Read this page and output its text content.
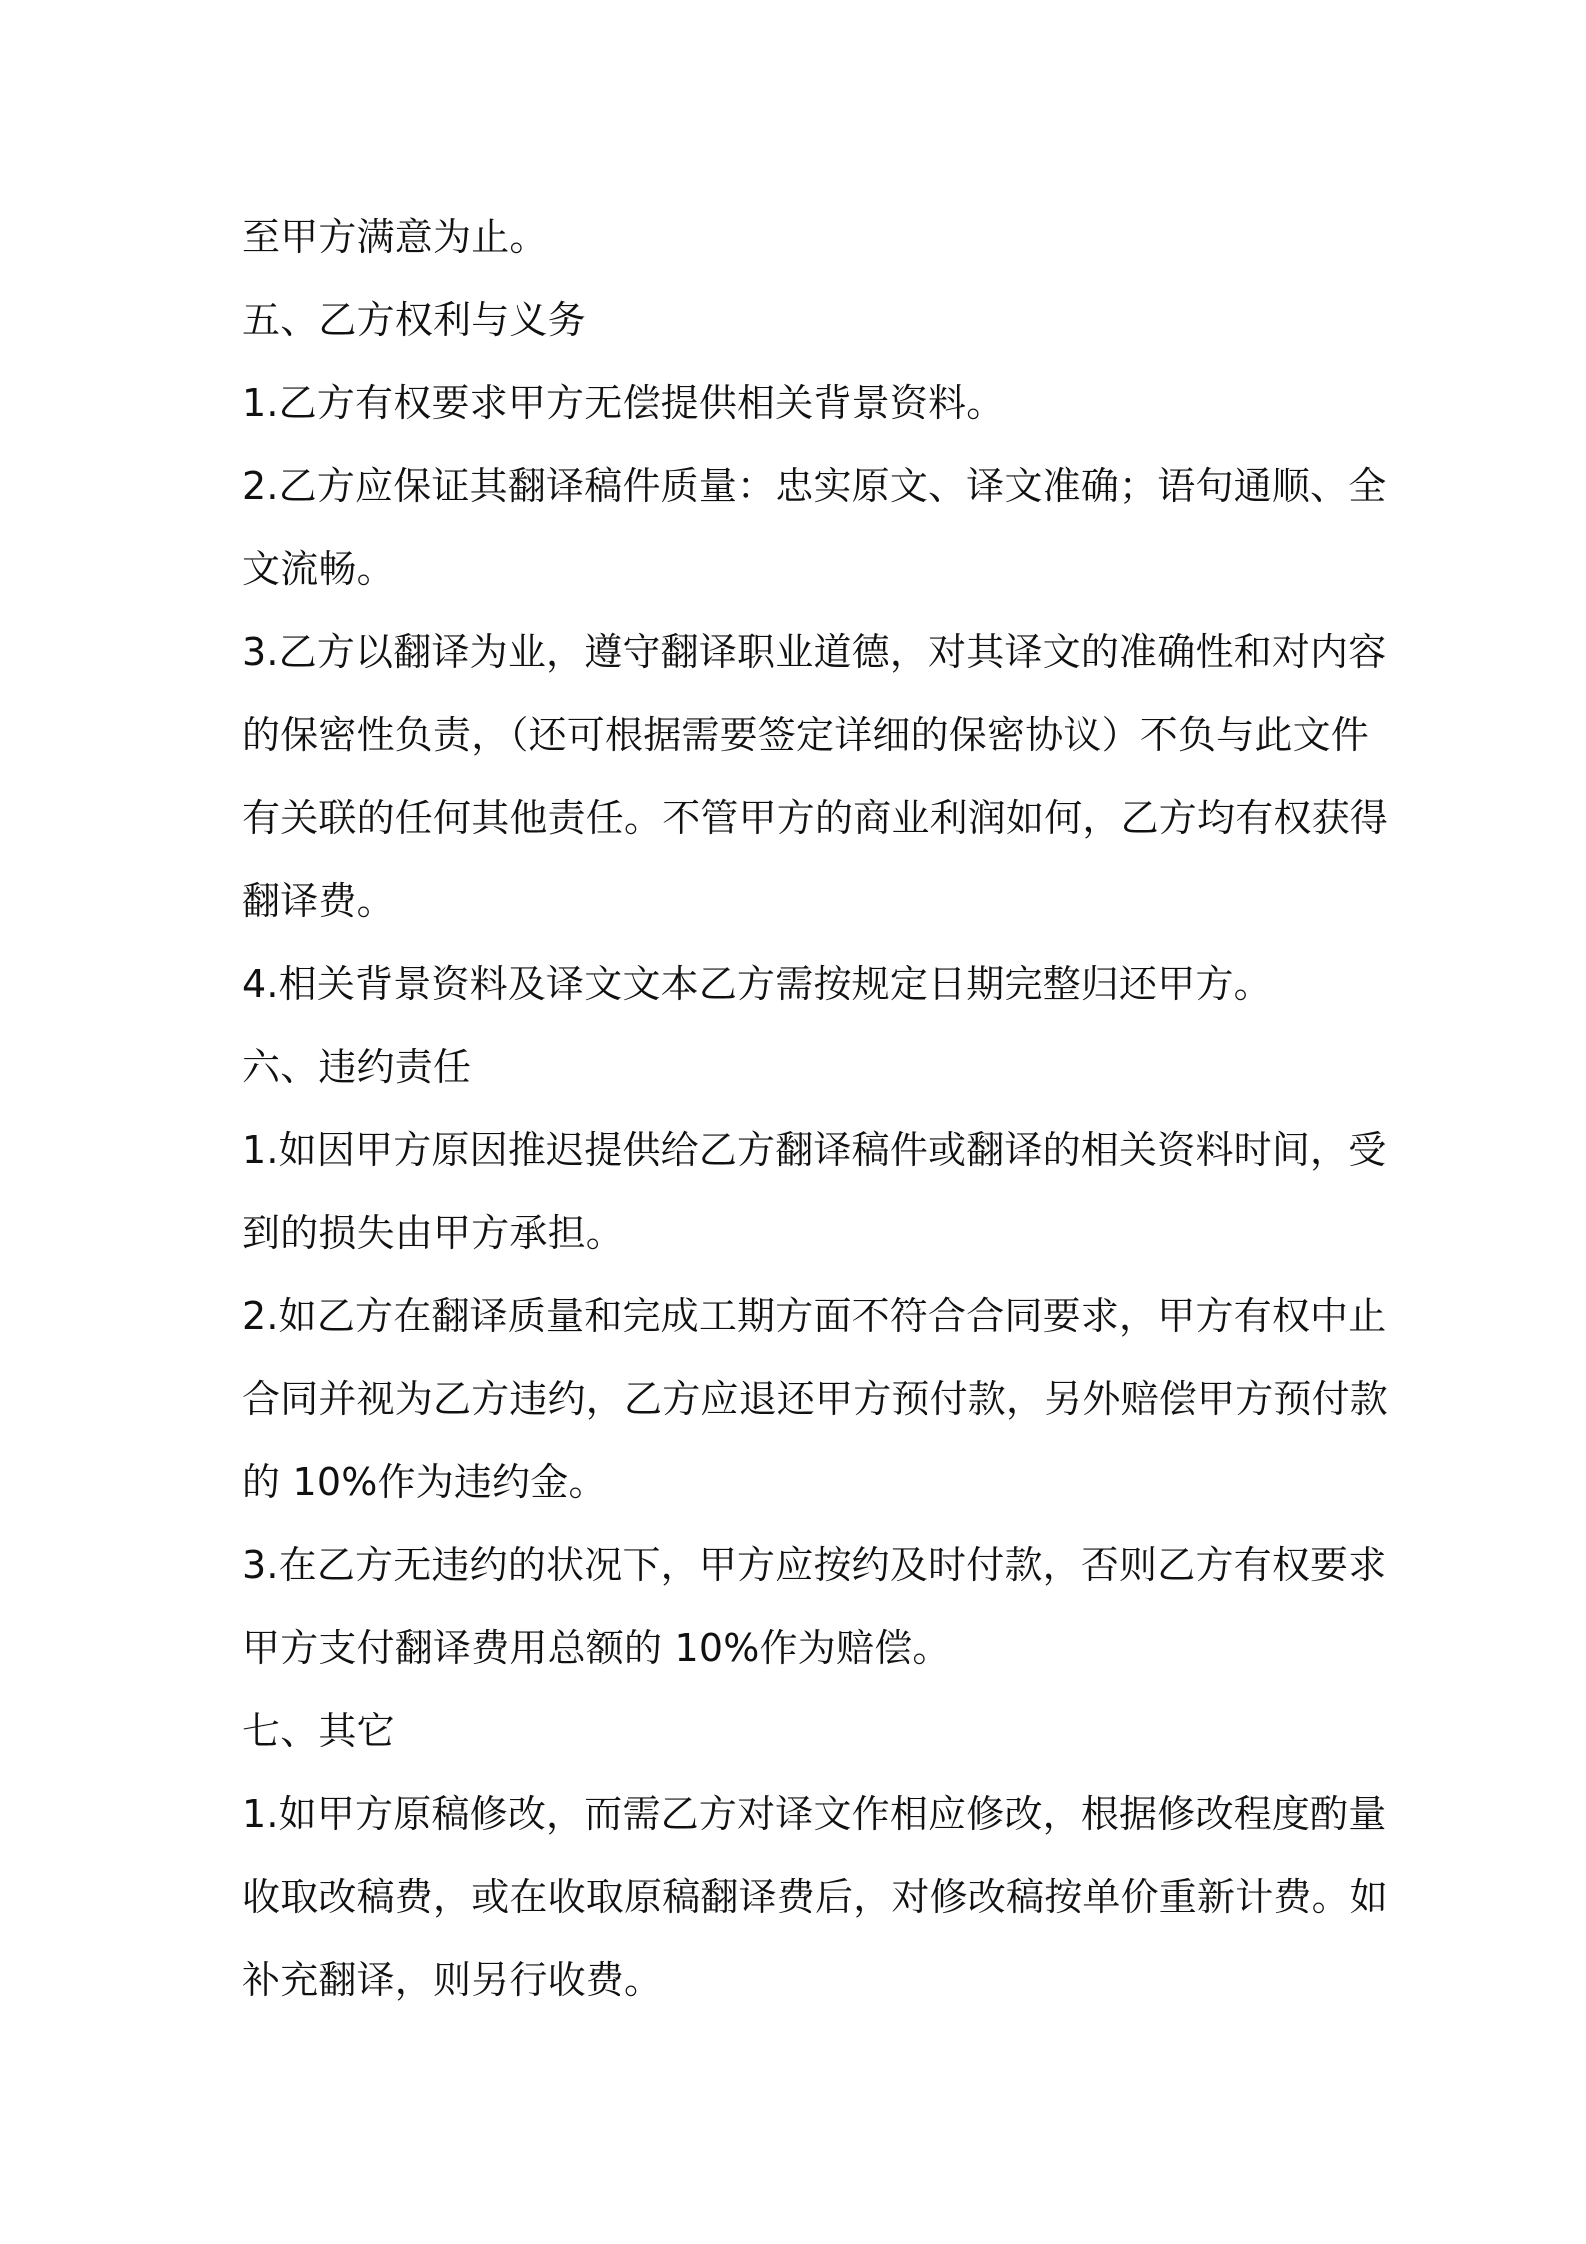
至甲方满意为止。
五、乙方权利与义务
1.乙方有权要求甲方无偿提供相关背景资料。
2.乙方应保证其翻译稿件质量：忠实原文、译文准确；语句通顺、全
文流畅。
3.乙方以翻译为业，遵守翻译职业道德，对其译文的准确性和对内容
的保密性负责，（还可根据需要签定详细的保密协议）不负与此文件
有关联的任何其他责任。不管甲方的商业利润如何，乙方均有权获得
翻译费。
4.相关背景资料及译文文本乙方需按规定日期完整归还甲方。
六、违约责任
1.如因甲方原因推迟提供给乙方翻译稿件或翻译的相关资料时间，受
到的损失由甲方承担。
2.如乙方在翻译质量和完成工期方面不符合合同要求，甲方有权中止
合同并视为乙方违约，乙方应退还甲方预付款，另外赔偿甲方预付款
的 10%作为违约金。
3.在乙方无违约的状况下，甲方应按约及时付款，否则乙方有权要求
甲方支付翻译费用总额的 10%作为赔偿。
七、其它
1.如甲方原稿修改，而需乙方对译文作相应修改，根据修改程度酌量
收取改稿费，或在收取原稿翻译费后，对修改稿按单价重新计费。如
补充翻译，则另行收费。
